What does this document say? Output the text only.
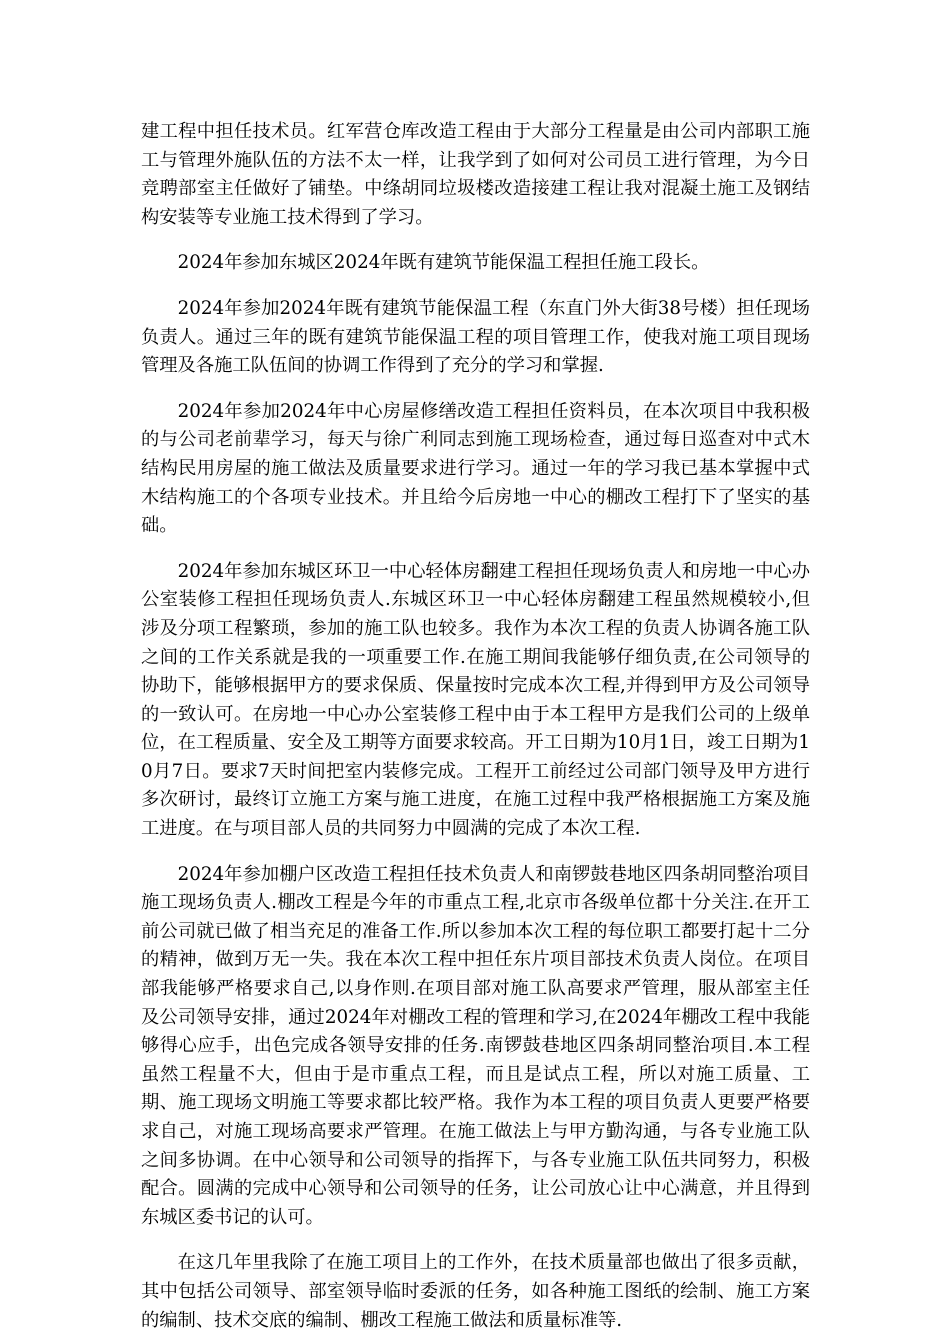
建工程中担任技术员。红军营仓库改造工程由于大部分工程量是由公司内部职工施工与管理外施队伍的方法不太一样，让我学到了如何对公司员工进行管理，为今日竞聘部室主任做好了铺垫。中绦胡同垃圾楼改造接建工程让我对混凝土施工及钢结构安装等专业施工技术得到了学习。

2024年参加东城区2024年既有建筑节能保温工程担任施工段长。

2024年参加2024年既有建筑节能保温工程（东直门外大街38号楼）担任现场负责人。通过三年的既有建筑节能保温工程的项目管理工作，使我对施工项目现场管理及各施工队伍间的协调工作得到了充分的学习和掌握.

2024年参加2024年中心房屋修缮改造工程担任资料员，在本次项目中我积极的与公司老前辈学习，每天与徐广利同志到施工现场检查，通过每日巡查对中式木结构民用房屋的施工做法及质量要求进行学习。通过一年的学习我已基本掌握中式木结构施工的个各项专业技术。并且给今后房地一中心的棚改工程打下了坚实的基础。

2024年参加东城区环卫一中心轻体房翻建工程担任现场负责人和房地一中心办公室装修工程担任现场负责人.东城区环卫一中心轻体房翻建工程虽然规模较小,但涉及分项工程繁琐，参加的施工队也较多。我作为本次工程的负责人协调各施工队之间的工作关系就是我的一项重要工作.在施工期间我能够仔细负责,在公司领导的协助下，能够根据甲方的要求保质、保量按时完成本次工程,并得到甲方及公司领导的一致认可。在房地一中心办公室装修工程中由于本工程甲方是我们公司的上级单位，在工程质量、安全及工期等方面要求较高。开工日期为10月1日，竣工日期为10月7日。要求7天时间把室内装修完成。工程开工前经过公司部门领导及甲方进行多次研讨，最终订立施工方案与施工进度，在施工过程中我严格根据施工方案及施工进度。在与项目部人员的共同努力中圆满的完成了本次工程.

2024年参加棚户区改造工程担任技术负责人和南锣鼓巷地区四条胡同整治项目施工现场负责人.棚改工程是今年的市重点工程,北京市各级单位都十分关注.在开工前公司就已做了相当充足的准备工作.所以参加本次工程的每位职工都要打起十二分的精神，做到万无一失。我在本次工程中担任东片项目部技术负责人岗位。在项目部我能够严格要求自己,以身作则.在项目部对施工队高要求严管理，服从部室主任及公司领导安排，通过2024年对棚改工程的管理和学习,在2024年棚改工程中我能够得心应手，出色完成各领导安排的任务.南锣鼓巷地区四条胡同整治项目.本工程虽然工程量不大，但由于是市重点工程，而且是试点工程，所以对施工质量、工期、施工现场文明施工等要求都比较严格。我作为本工程的项目负责人更要严格要求自己，对施工现场高要求严管理。在施工做法上与甲方勤沟通，与各专业施工队之间多协调。在中心领导和公司领导的指挥下，与各专业施工队伍共同努力，积极配合。圆满的完成中心领导和公司领导的任务，让公司放心让中心满意，并且得到东城区委书记的认可。

在这几年里我除了在施工项目上的工作外，在技术质量部也做出了很多贡献，其中包括公司领导、部室领导临时委派的任务，如各种施工图纸的绘制、施工方案的编制、技术交底的编制、棚改工程施工做法和质量标准等.
